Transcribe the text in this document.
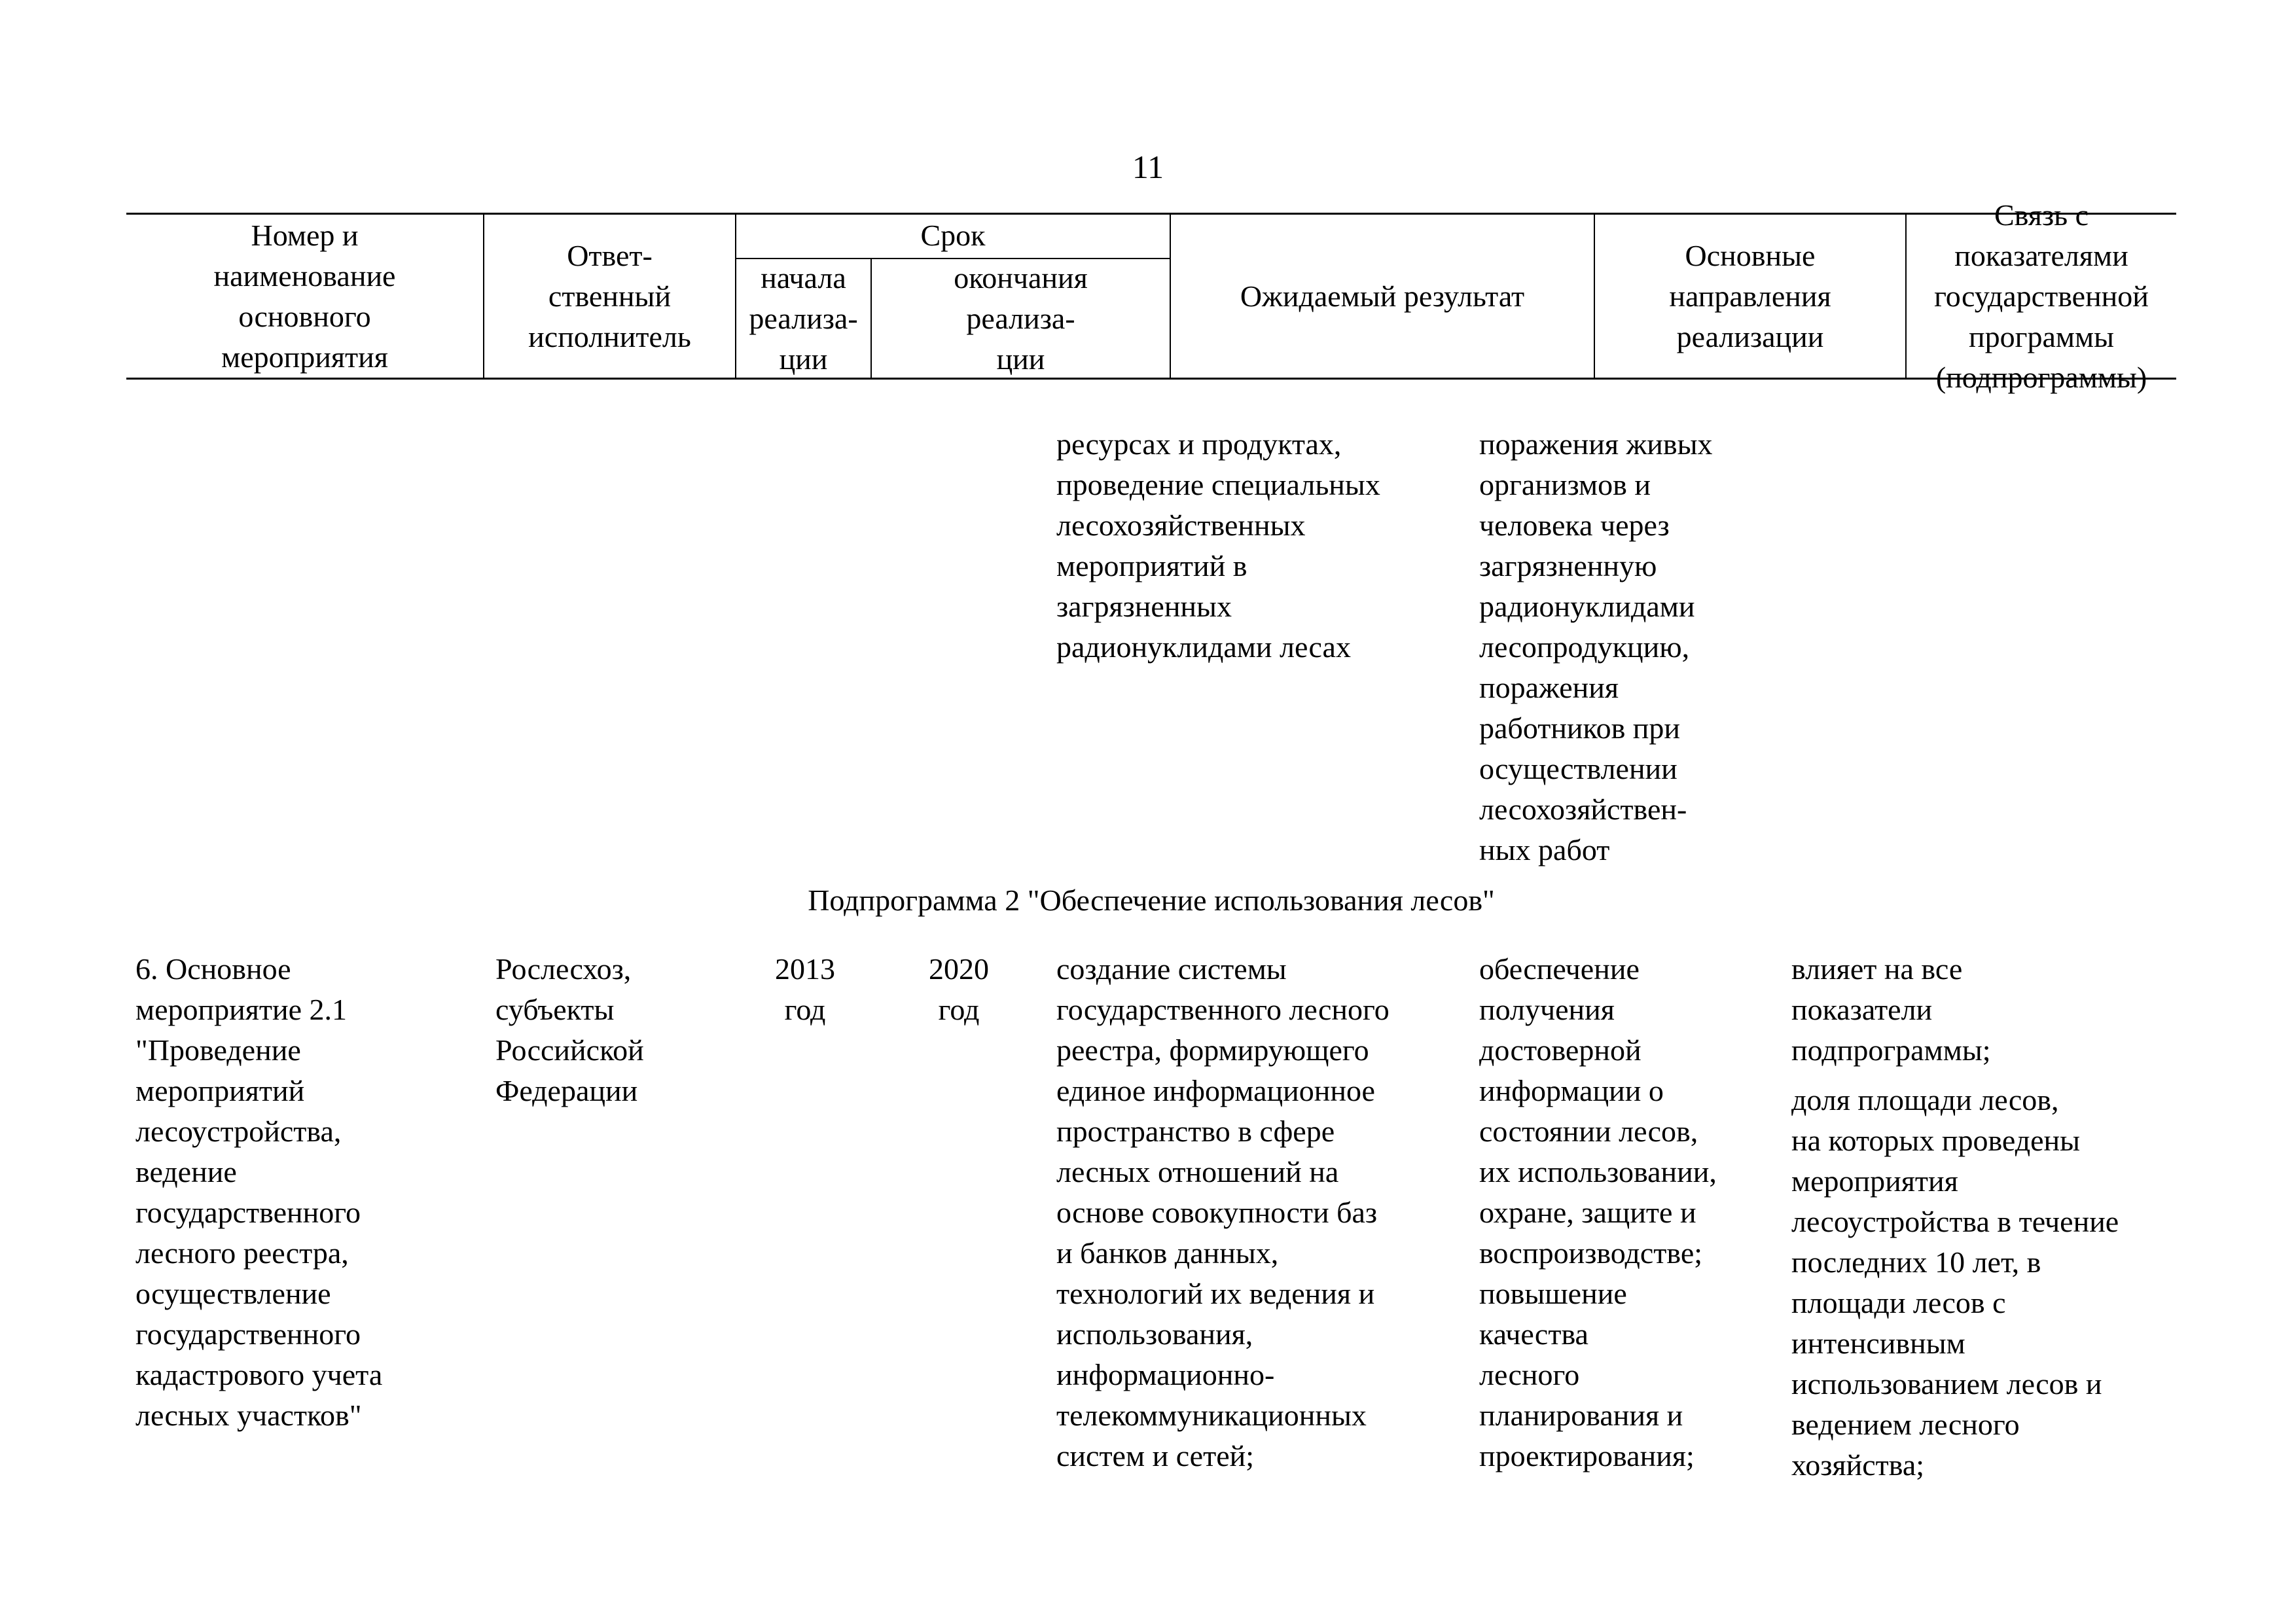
11
Номер и
наименование
основного
мероприятия
Ответ-
ственный
исполнитель
Срок
начала
реализа-
ции
окончания
реализа-
ции
Ожидаемый результат
Основные
направления
реализации
Связь с показателями
государственной
программы
(подпрограммы)
ресурсах и продуктах,
проведение специальных
лесохозяйственных
мероприятий в
загрязненных
радионуклидами лесах
поражения живых
организмов и
человека через
загрязненную
радионуклидами
лесопродукцию,
поражения
работников при
осуществлении
лесохозяйствен-
ных работ
Подпрограмма 2 "Обеспечение использования лесов"
6. Основное
мероприятие 2.1
"Проведение
мероприятий
лесоустройства,
ведение
государственного
лесного реестра,
осуществление
государственного
кадастрового учета
лесных участков"
Рослесхоз,
субъекты
Российской
Федерации
2013
год
2020
год
создание системы
государственного лесного
реестра, формирующего
единое информационное
пространство в сфере
лесных отношений на
основе совокупности баз
и банков данных,
технологий их ведения и
использования,
информационно-
телекоммуникационных
систем и сетей;
обеспечение
получения
достоверной
информации о
состоянии лесов,
их использовании,
охране, защите и
воспроизводстве;
повышение
качества
лесного
планирования и
проектирования;
влияет на все
показатели
подпрограммы;
доля площади лесов,
на которых проведены
мероприятия
лесоустройства в течение
последних 10 лет, в
площади лесов с
интенсивным
использованием лесов и
ведением лесного
хозяйства;
